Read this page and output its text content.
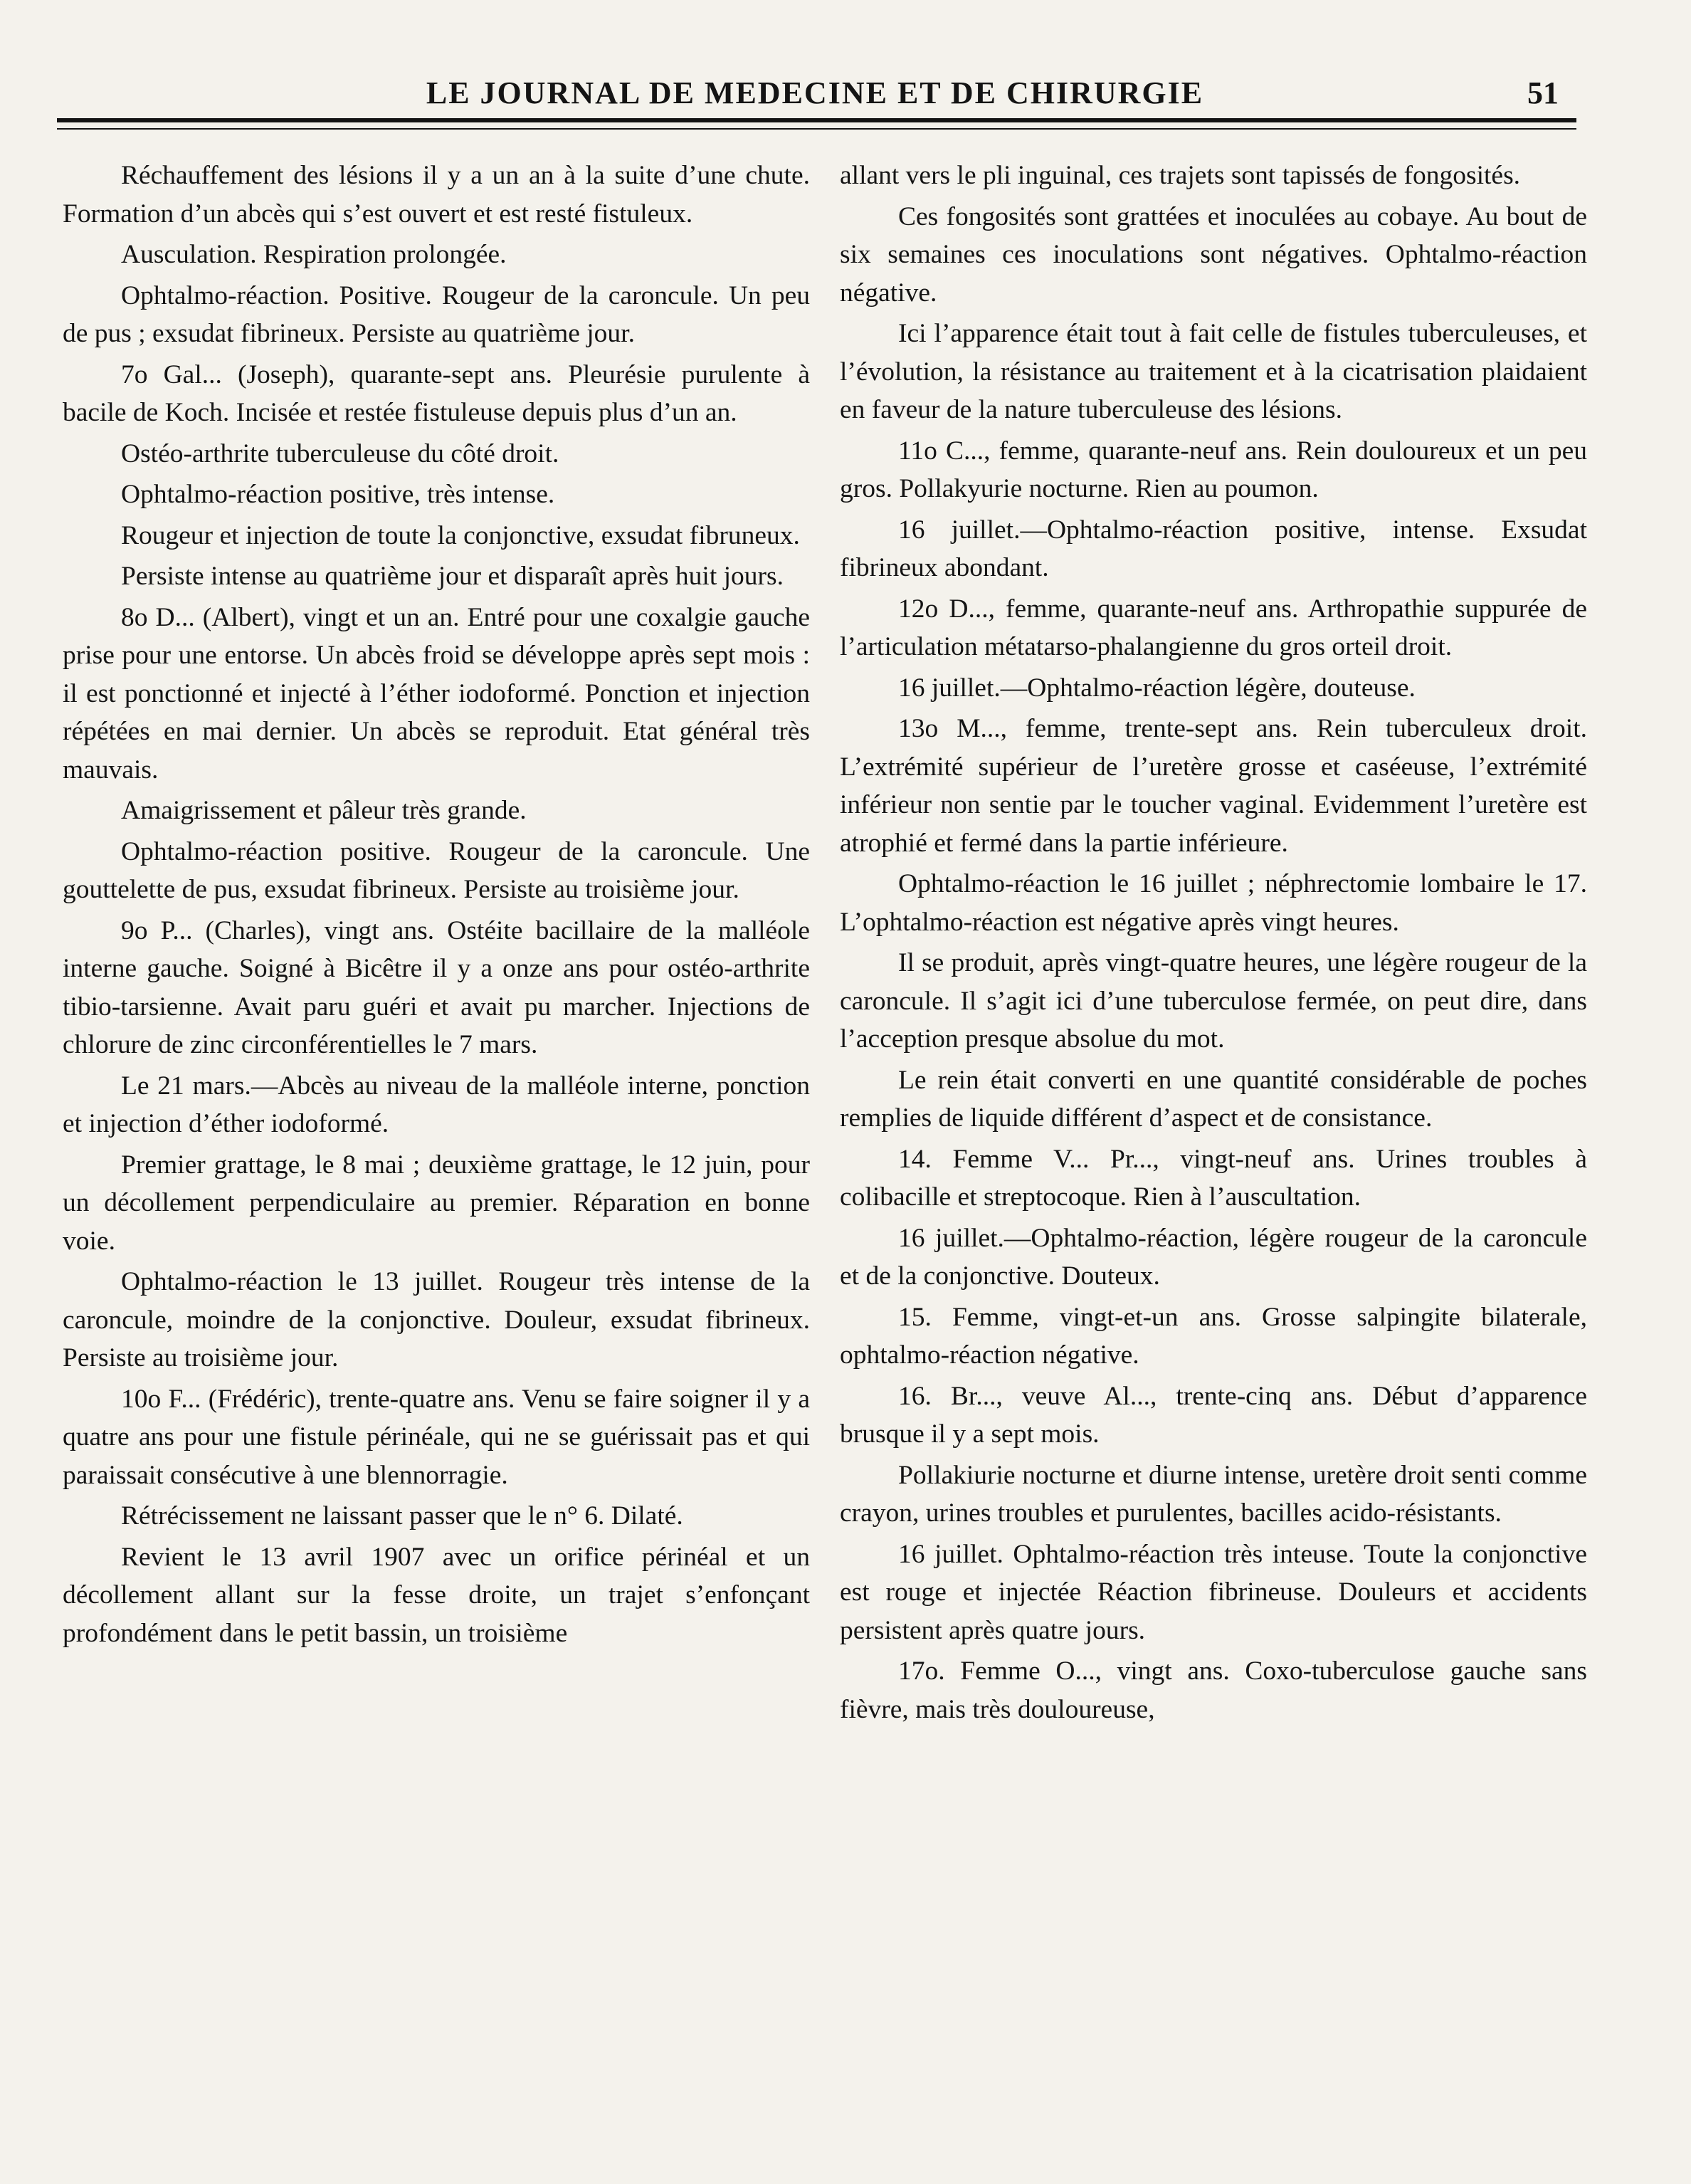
LE JOURNAL DE MEDECINE ET DE CHIRURGIE	51

Réchauffement des lésions il y a un an à la suite d’une chute. Formation d’un abcès qui s’est ouvert et est resté fistuleux.

Ausculation. Respiration prolongée.

Ophtalmo-réaction. Positive. Rougeur de la caroncule. Un peu de pus ; exsudat fibrineux. Persiste au quatrième jour.

7o Gal... (Joseph), quarante-sept ans. Pleurésie purulente à bacile de Koch. Incisée et restée fistuleuse depuis plus d’un an.

Ostéo-arthrite tuberculeuse du côté droit.

Ophtalmo-réaction positive, très intense.

Rougeur et injection de toute la conjonctive, exsudat fibruneux.

Persiste intense au quatrième jour et disparaît après huit jours.

8o D... (Albert), vingt et un an. Entré pour une coxalgie gauche prise pour une entorse. Un abcès froid se développe après sept mois : il est ponctionné et injecté à l’éther iodoformé. Ponction et injection répétées en mai dernier. Un abcès se reproduit. Etat général très mauvais.

Amaigrissement et pâleur très grande.

Ophtalmo-réaction positive. Rougeur de la caroncule. Une gouttelette de pus, exsudat fibrineux. Persiste au troisième jour.

9o P... (Charles), vingt ans. Ostéite bacillaire de la malléole interne gauche. Soigné à Bicêtre il y a onze ans pour ostéo-arthrite tibio-tarsienne. Avait paru guéri et avait pu marcher. Injections de chlorure de zinc circonférentielles le 7 mars.

Le 21 mars.—Abcès au niveau de la malléole interne, ponction et injection d’éther iodoformé.

Premier grattage, le 8 mai ; deuxième grattage, le 12 juin, pour un décollement perpendiculaire au premier. Réparation en bonne voie.

Ophtalmo-réaction le 13 juillet. Rougeur très intense de la caroncule, moindre de la conjonctive. Douleur, exsudat fibrineux. Persiste au troisième jour.

10o F... (Frédéric), trente-quatre ans. Venu se faire soigner il y a quatre ans pour une fistule périnéale, qui ne se guérissait pas et qui paraissait consécutive à une blennorragie.

Rétrécissement ne laissant passer que le n° 6. Dilaté.

Revient le 13 avril 1907 avec un orifice périnéal et un décollement allant sur la fesse droite, un trajet s’enfonçant profondément dans le petit bassin, un troisième

allant vers le pli inguinal, ces trajets sont tapissés de fongosités.

Ces fongosités sont grattées et inoculées au cobaye. Au bout de six semaines ces inoculations sont négatives. Ophtalmo-réaction négative.

Ici l’apparence était tout à fait celle de fistules tuberculeuses, et l’évolution, la résistance au traitement et à la cicatrisation plaidaient en faveur de la nature tuberculeuse des lésions.

11o C..., femme, quarante-neuf ans. Rein douloureux et un peu gros. Pollakyurie nocturne. Rien au poumon.

16 juillet.—Ophtalmo-réaction positive, intense. Exsudat fibrineux abondant.

12o D..., femme, quarante-neuf ans. Arthropathie suppurée de l’articulation métatarso-phalangienne du gros orteil droit.

16 juillet.—Ophtalmo-réaction légère, douteuse.

13o M..., femme, trente-sept ans. Rein tuberculeux droit. L’extrémité supérieur de l’uretère grosse et caséeuse, l’extrémité inférieur non sentie par le toucher vaginal. Evidemment l’uretère est atrophié et fermé dans la partie inférieure.

Ophtalmo-réaction le 16 juillet ; néphrectomie lombaire le 17. L’ophtalmo-réaction est négative après vingt heures.

Il se produit, après vingt-quatre heures, une légère rougeur de la caroncule. Il s’agit ici d’une tuberculose fermée, on peut dire, dans l’acception presque absolue du mot.

Le rein était converti en une quantité considérable de poches remplies de liquide différent d’aspect et de consistance.

14. Femme V... Pr..., vingt-neuf ans. Urines troubles à colibacille et streptocoque. Rien à l’auscultation.

16 juillet.—Ophtalmo-réaction, légère rougeur de la caroncule et de la conjonctive. Douteux.

15. Femme, vingt-et-un ans. Grosse salpingite bilaterale, ophtalmo-réaction négative.

16. Br..., veuve Al..., trente-cinq ans. Début d’apparence brusque il y a sept mois.

Pollakiurie nocturne et diurne intense, uretère droit senti comme crayon, urines troubles et purulentes, bacilles acido-résistants.

16 juillet. Ophtalmo-réaction très inteuse. Toute la conjonctive est rouge et injectée Réaction fibrineuse. Douleurs et accidents persistent après quatre jours.

17o. Femme O..., vingt ans. Coxo-tuberculose gauche sans fièvre, mais très douloureuse,
